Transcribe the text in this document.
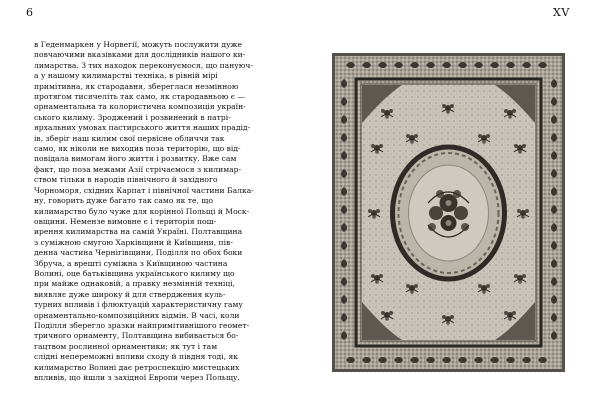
6	XV
в Геденмаркен у Норвегії, можуть послужити дуже
повчаючими вказівками для дослідників нашого ки-
лимарства. З тих находок переконуємося, що пануюч-
а у нашому килимарстві техніка, в рівній мірі
примітивна, як стародавня, збереглася незмінною
протягом тисячеліть так само, як стародавньою є —
орнаментальна та колористична композиція україн-
ського килиму. Зроджений і розвинений в патрі-
ярхальних умовах пастирського життя наших прадід-
ів, зберіг наш килим свої первісне обличчя так
само, як ніколи не виходив поза територію, що від-
повідала вимогам його життя і розвитку. Вже сам
факт, що поза межами Азії стрічаємося з килимар-
ством тільки в народів північного й західного
Чорноморя, східних Карпат і північної частини Балка-
ну, говорить дуже багато так само як те, що
килимарство було чуже для корінної Польщі й Моск-
овщини. Немензе вимовне є і територія пош-
ирення килимарства на самій Україні. Полтавщина
з суміжною смугою Харківщини й Київщини, пів-
денна частина Чернігівщини, Поділля по обох боки
Збруча, а врешті суміжна з Київщиною частина
Волині, оце батьківщина українського килиму що
при майже однаковій, а правку незмінній техніці,
виявляє дуже широку й для стверджения куль-
турних впливів і флюктуацій характеристичну гаму
орнаментально-композиційних відмін. В часі, коли
Поділля зберегло зразки найпримітивнішого геомет-
тричного орнаменту, Полтавщина вибивається бо-
гацтвом рослинної орнаментики; як тут і там
слідні непереможні впливи сходу й півдня тоді, як
килимарство Волині дає ретроспекцію мистецьких
впливів, що йшли з західної Европи через Польщу.
